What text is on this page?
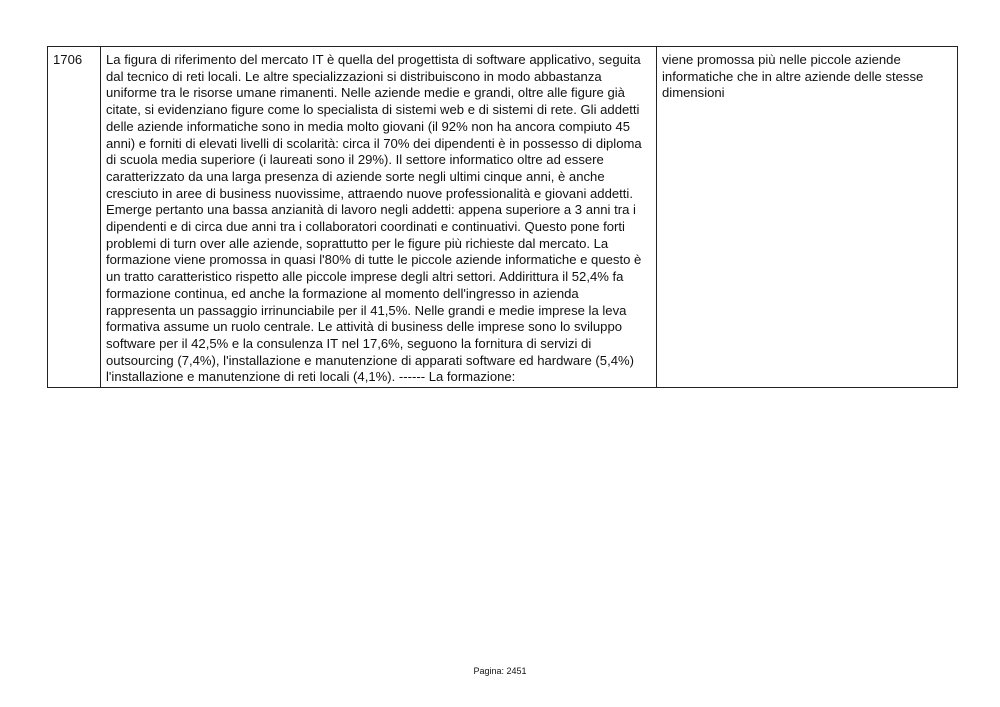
1706	La figura di riferimento del mercato IT è quella del progettista di software applicativo, seguita dal tecnico di reti locali. Le altre specializzazioni si distribuiscono in modo abbastanza uniforme tra le risorse umane rimanenti. Nelle aziende medie e grandi, oltre alle figure già citate, si evidenziano figure come lo specialista di sistemi web e di sistemi di rete. Gli addetti delle aziende informatiche sono in media molto giovani (il 92% non ha ancora compiuto 45 anni) e forniti di elevati livelli di scolarità: circa il 70% dei dipendenti è in possesso di diploma di scuola media superiore (i laureati sono il 29%). Il settore informatico oltre ad essere caratterizzato da una larga presenza di aziende sorte negli ultimi cinque anni, è anche cresciuto in aree di business nuovissime, attraendo nuove professionalità e giovani addetti. Emerge pertanto una bassa anzianità di lavoro negli addetti: appena superiore a 3 anni tra i dipendenti e di circa due anni tra i collaboratori coordinati e continuativi. Questo pone forti problemi di turn over alle aziende, soprattutto per le figure più richieste dal mercato. La formazione viene promossa in quasi l'80% di tutte le piccole aziende informatiche e questo è un tratto caratteristico rispetto alle piccole imprese degli altri settori. Addirittura il 52,4% fa formazione continua, ed anche la formazione al momento dell'ingresso in azienda rappresenta un passaggio irrinunciabile per il 41,5%. Nelle grandi e medie imprese la leva formativa assume un ruolo centrale. Le attività di business delle imprese sono lo sviluppo software per il 42,5% e la consulenza IT nel 17,6%, seguono la fornitura di servizi di outsourcing (7,4%), l'installazione e manutenzione di apparati software ed hardware (5,4%) l'installazione e manutenzione di reti locali (4,1%). ------ La formazione:	viene promossa più nelle piccole aziende informatiche che in altre aziende delle stesse dimensioni
Pagina: 2451
